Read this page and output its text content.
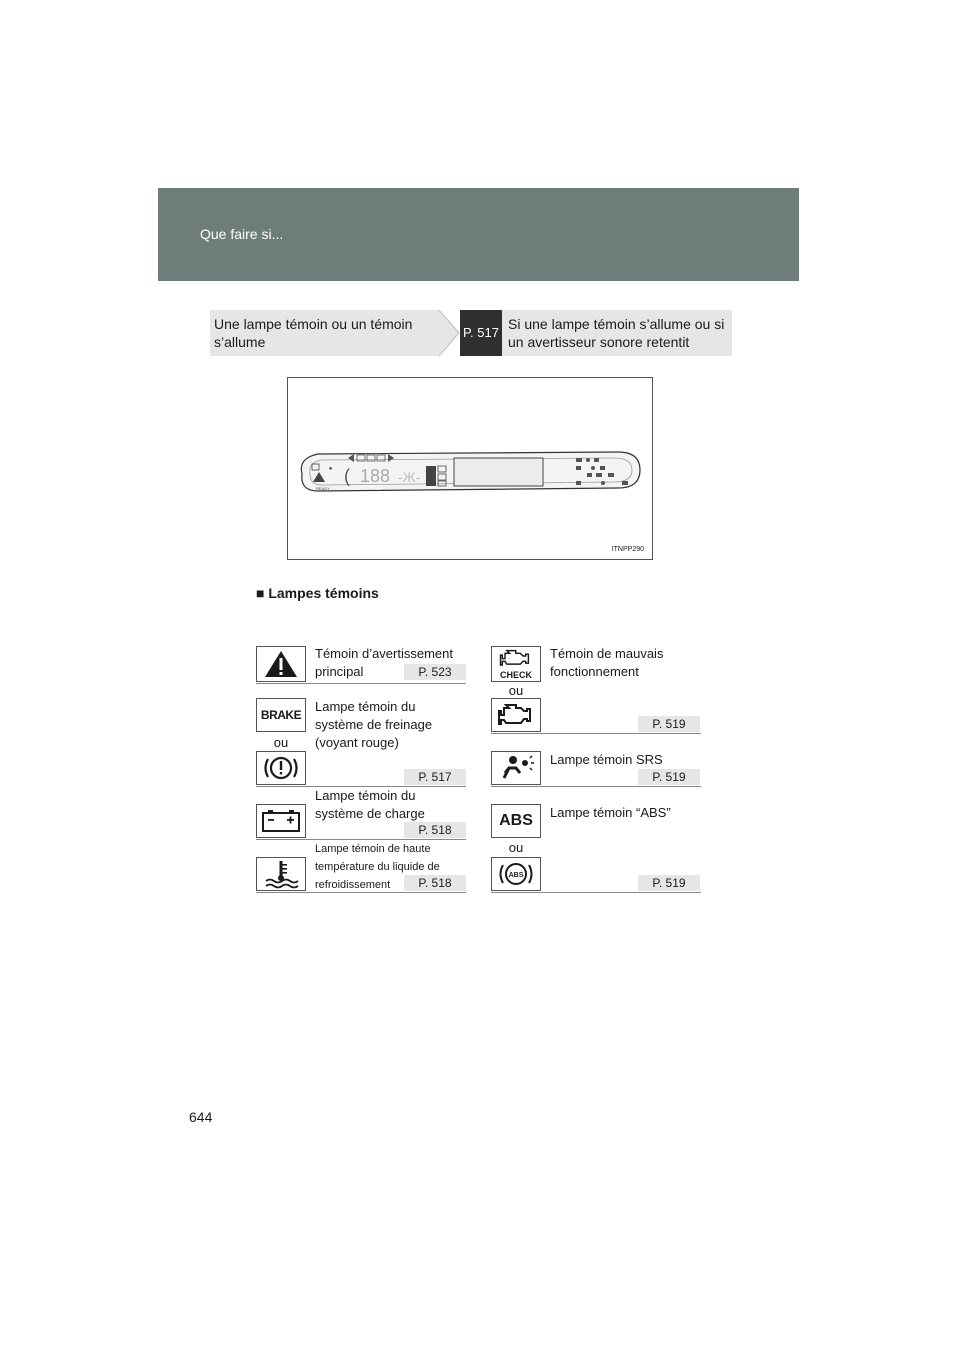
Que faire si...
Une lampe témoin ou un témoin s’allume
P. 517
Si une lampe témoin s’allume ou si un avertisseur sonore retentit
♠
READY
( 188 -Ж-
ITNPP290
■ Lampes témoins
Témoin d’avertissement principal	P. 523
BRAKE
ou
Lampe témoin du système de freinage (voyant rouge)
P. 517
Lampe témoin du système de charge
P. 518
Lampe témoin de haute température du liquide de refroidissement	P. 518
CHECK
ou
Témoin de mauvais fonctionnement
P. 519
Lampe témoin SRS
P. 519
ABS
ou
ABS
Lampe témoin “ABS”
P. 519
644
